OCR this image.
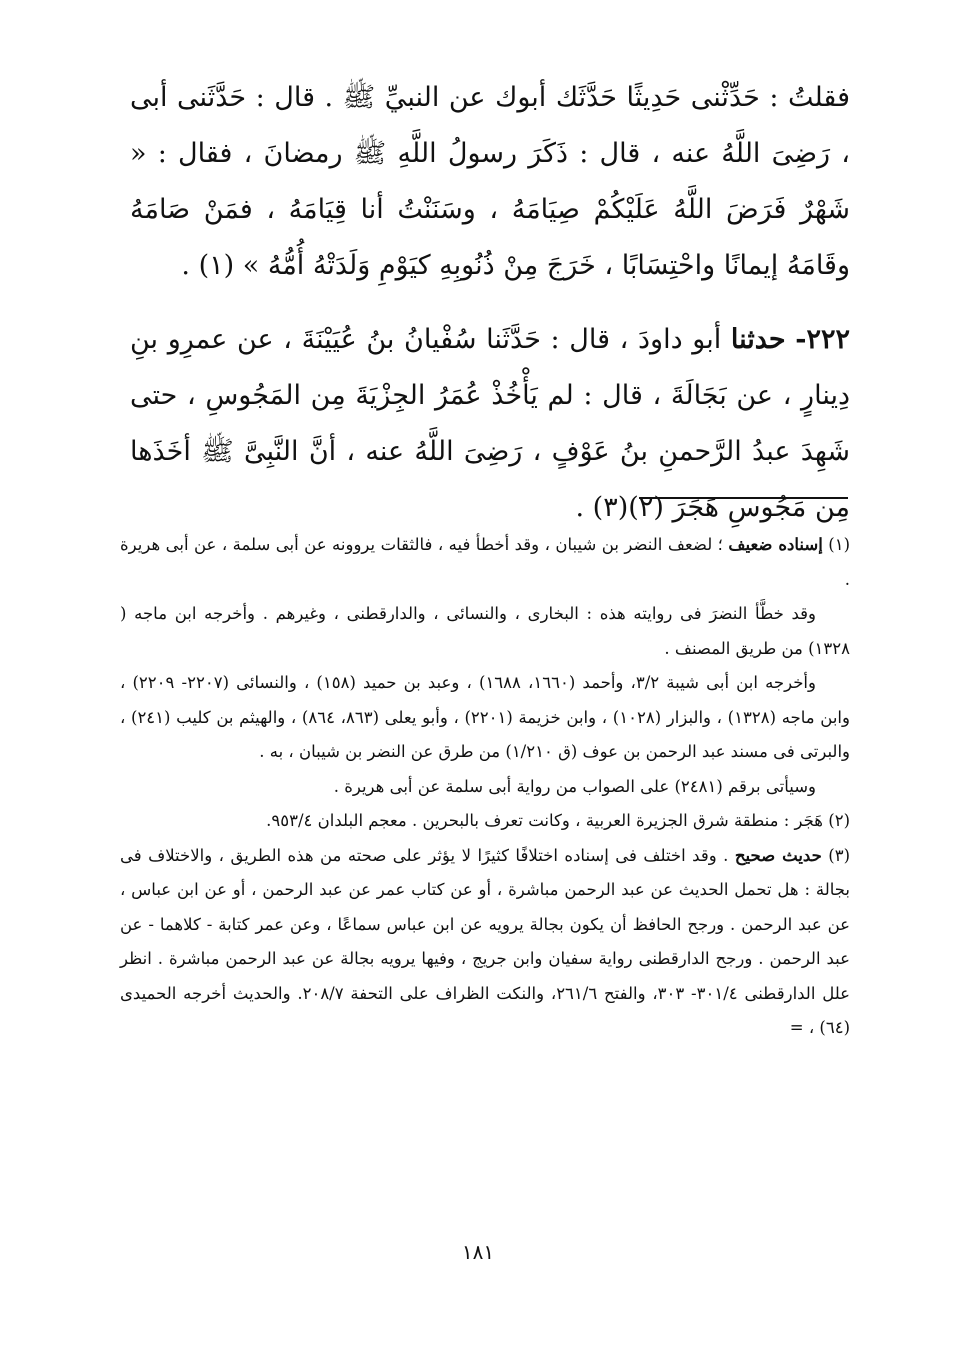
فقلتُ : حَدِّثْنى حَدِيثًا حَدَّثَك أبوك عن النبيِّ ﷺ . قال : حَدَّثَنى أبى ، رَضِىَ اللَّهُ عنه ، قال : ذَكَرَ رسولُ اللَّهِ ﷺ رمضانَ ، فقال : « شَهْرٌ فَرَضَ اللَّهُ عَلَيْكُمْ صِيَامَهُ ، وسَنَنْتُ أنا قِيَامَهُ ، فمَنْ صَامَهُ وقَامَهُ إيمانًا واحْتِسَابًا ، خَرَجَ مِنْ ذُنُوبِهِ كيَوْمِ وَلَدَتْهُ أُمُّهُ » (١) .

٢٢٢- حدثنا أبو داودَ ، قال : حَدَّثَنا سُفْيانُ بنُ عُيَيْنَةَ ، عن عمرِو بنِ دِينارٍ ، عن بَجَالَةَ ، قال : لم يَأْخُذْ عُمَرُ الجِزْيَةَ مِن المَجُوسِ ، حتى شَهِدَ عبدُ الرَّحمنِ بنُ عَوْفٍ ، رَضِىَ اللَّهُ عنه ، أنَّ النَّبِىَّ ﷺ أخَذَها مِن مَجُوسِ هَجَرَ (٢)(٣) .

(١) إسناده ضعيف ؛ لضعف النضر بن شيبان ، وقد أخطأ فيه ، فالثقات يروونه عن أبى سلمة ، عن أبى هريرة .

وقد خطَّأ النضرَ فى روايته هذه : البخارى ، والنسائى ، والدارقطنى ، وغيرهم . وأخرجه ابن ماجه ( ١٣٢٨) من طريق المصنف .

وأخرجه ابن أبى شيبة ٣/٢، وأحمد (١٦٦٠، ١٦٨٨) ، وعبد بن حميد (١٥٨) ، والنسائى (٢٢٠٧- ٢٢٠٩) ، وابن ماجه (١٣٢٨) ، والبزار (١٠٢٨) ، وابن خزيمة (٢٢٠١) ، وأبو يعلى (٨٦٣، ٨٦٤) ، والهيثم بن كليب (٢٤١) ، والبرتى فى مسند عبد الرحمن بن عوف (ق ١/٢١٠) من طرق عن النضر بن شيبان ، به .

وسيأتى برقم (٢٤٨١) على الصواب من رواية أبى سلمة عن أبى هريرة .

(٢) هَجَر : منطقة شرق الجزيرة العربية ، وكانت تعرف بالبحرين . معجم البلدان ٩٥٣/٤.

(٣) حديث صحيح . وقد اختلف فى إسناده اختلافًا كثيرًا لا يؤثر على صحته من هذه الطريق ، والاختلاف فى بجالة : هل تحمل الحديث عن عبد الرحمن مباشرة ، أو عن كتاب عمر عن عبد الرحمن ، أو عن ابن عباس ، عن عبد الرحمن . ورجح الحافظ أن يكون بجالة يرويه عن ابن عباس سماعًا ، وعن عمر كتابة - كلاهما - عن عبد الرحمن . ورجح الدارقطنى رواية سفيان وابن جريج ، وفيها يرويه بجالة عن عبد الرحمن مباشرة . انظر علل الدارقطنى ٣٠١/٤- ٣٠٣، والفتح ٢٦١/٦، والنكت الظراف على التحفة ٢٠٨/٧. والحديث أخرجه الحميدى (٦٤) ، =

١٨١
